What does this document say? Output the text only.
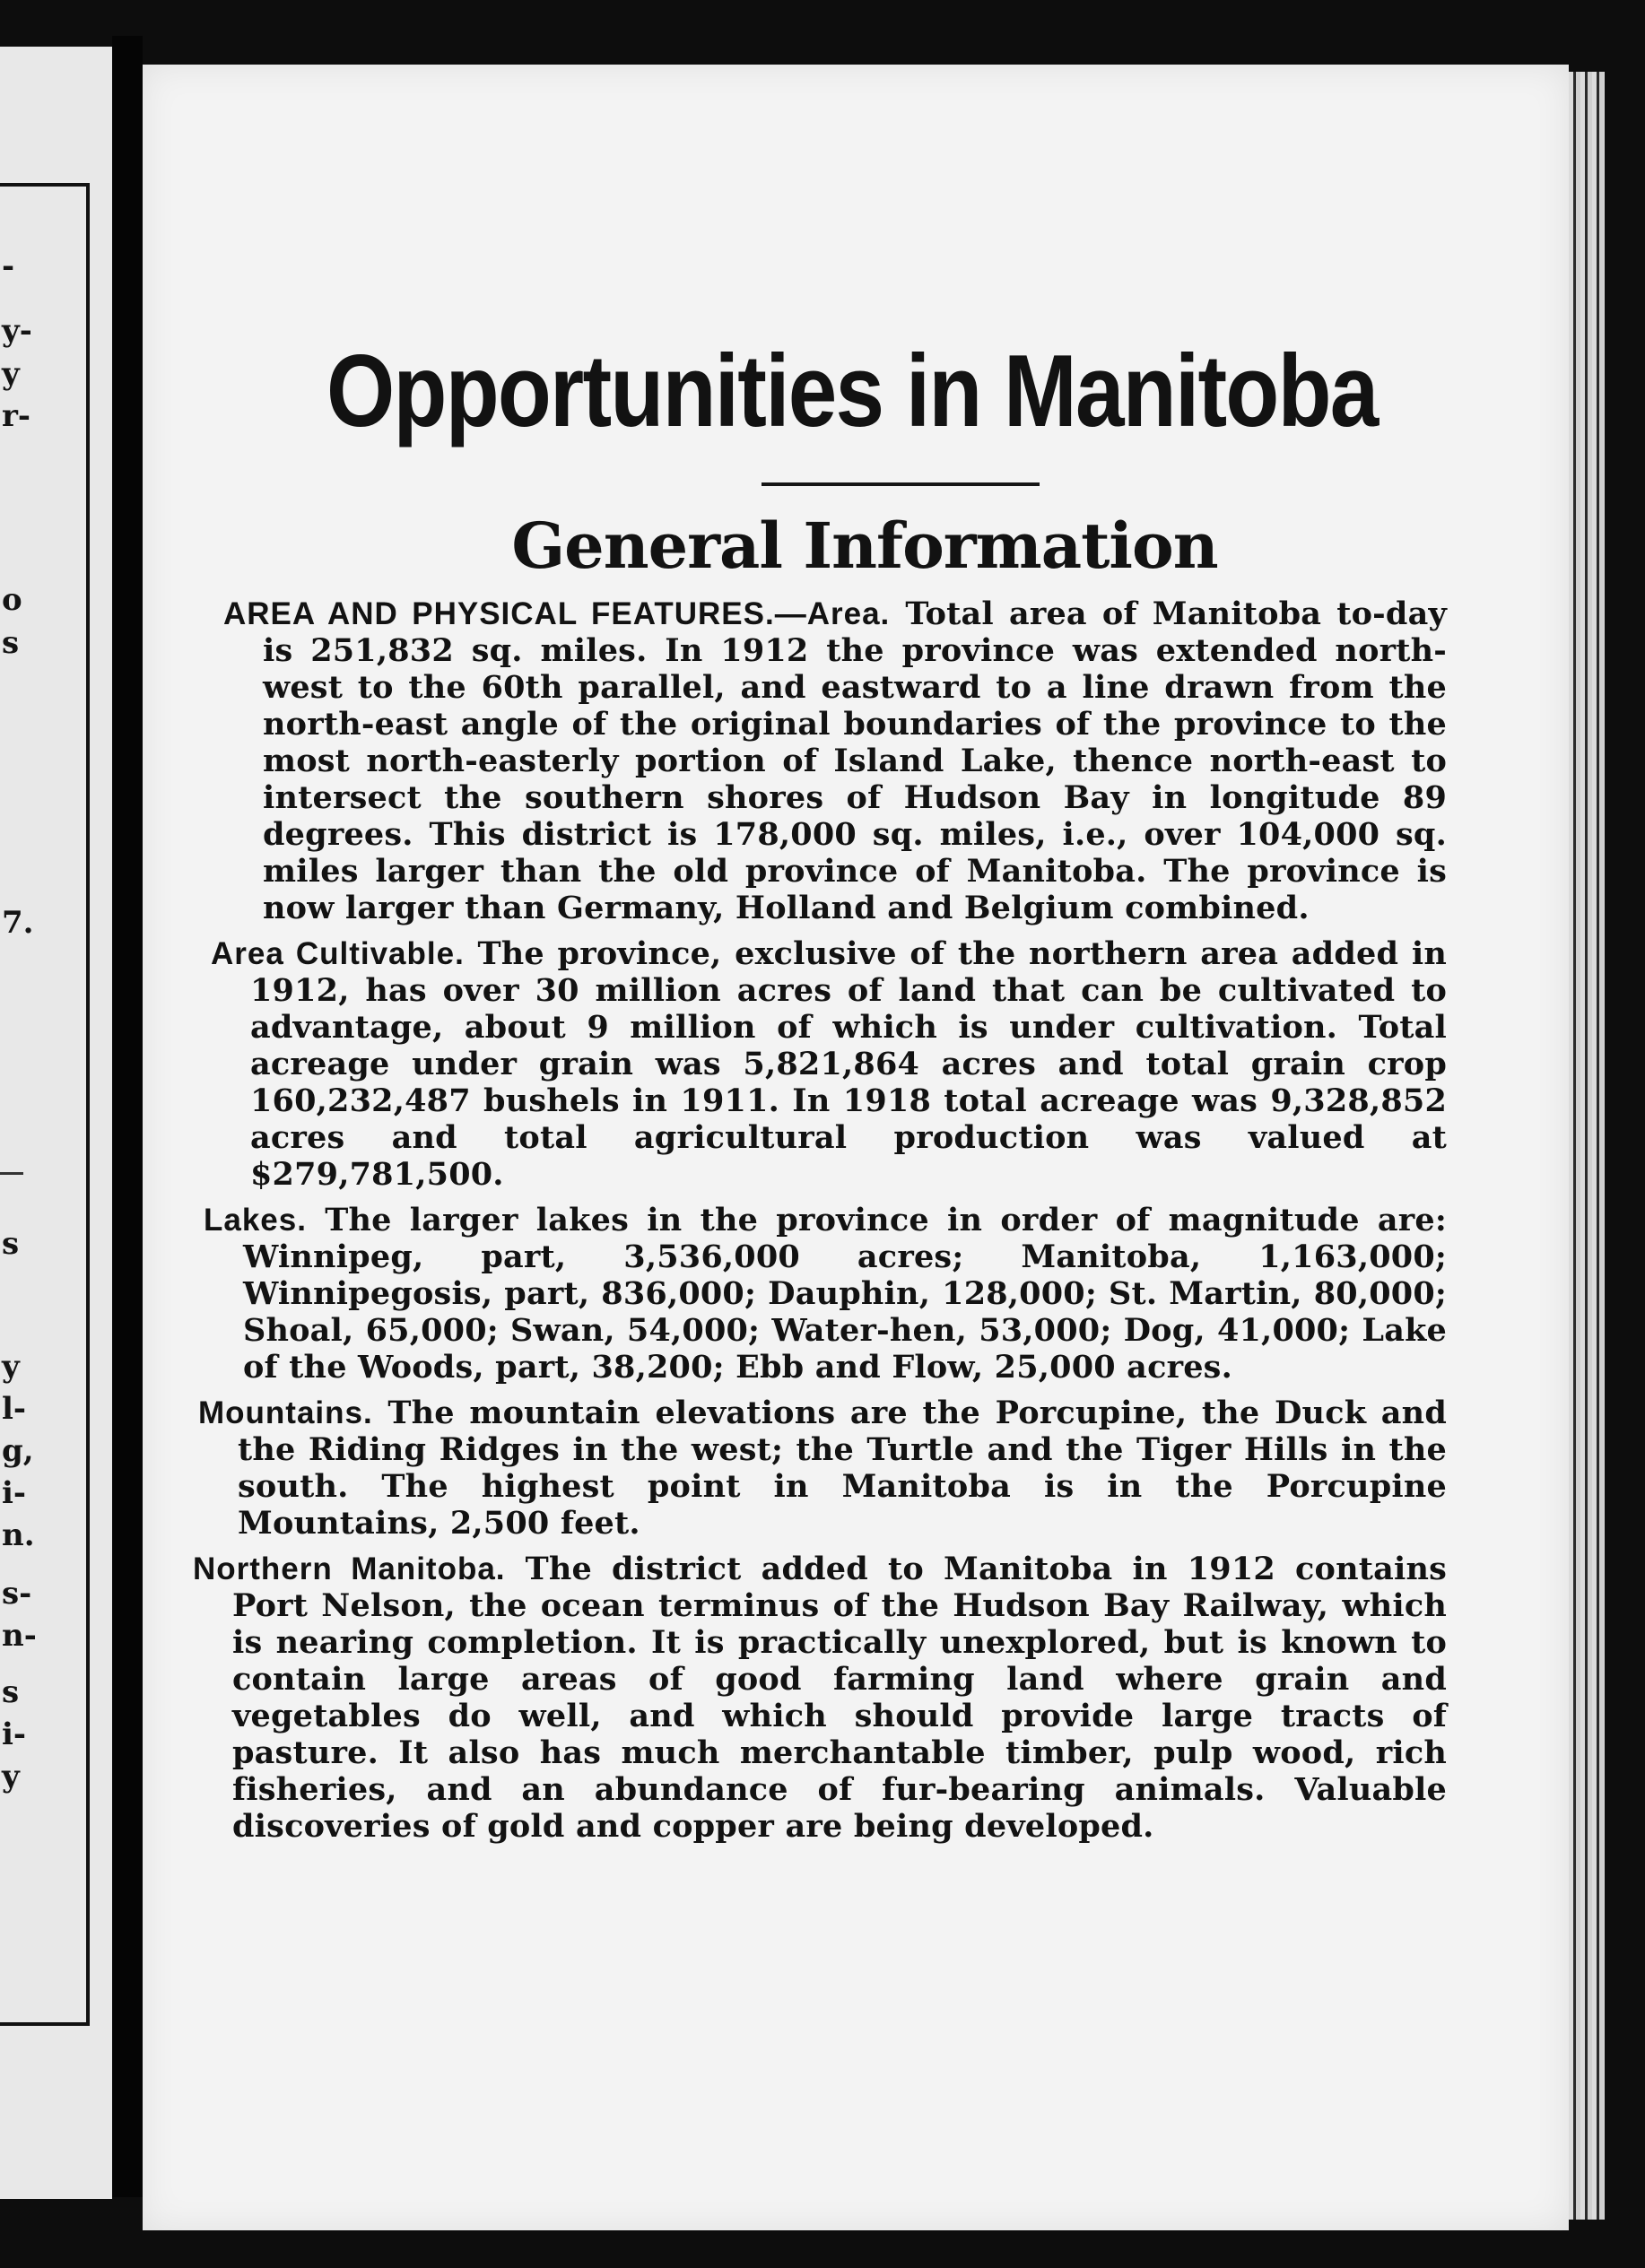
-
y-
y
r-
o
s
7.
s
y
l-
g,
i-
n.
s-
n-
s
i-
y
Opportunities in Manitoba
General Information

AREA AND PHYSICAL FEATURES.—Area. Total area of Manitoba to-day is 251,832 sq. miles. In 1912 the province was extended north-west to the 60th parallel, and eastward to a line drawn from the north-east angle of the original boundaries of the province to the most north-easterly portion of Island Lake, thence north-east to intersect the southern shores of Hudson Bay in longitude 89 degrees. This district is 178,000 sq. miles, i.e., over 104,000 sq. miles larger than the old province of Manitoba. The province is now larger than Germany, Holland and Belgium combined.

Area Cultivable. The province, exclusive of the northern area added in 1912, has over 30 million acres of land that can be cultivated to advantage, about 9 million of which is under cultivation. Total acreage under grain was 5,821,864 acres and total grain crop 160,232,487 bushels in 1911. In 1918 total acreage was 9,328,852 acres and total agricultural production was valued at $279,781,500.

Lakes. The larger lakes in the province in order of magnitude are: Winnipeg, part, 3,536,000 acres; Manitoba, 1,163,000; Winnipegosis, part, 836,000; Dauphin, 128,000; St. Martin, 80,000; Shoal, 65,000; Swan, 54,000; Water-hen, 53,000; Dog, 41,000; Lake of the Woods, part, 38,200; Ebb and Flow, 25,000 acres.

Mountains. The mountain elevations are the Porcupine, the Duck and the Riding Ridges in the west; the Turtle and the Tiger Hills in the south. The highest point in Manitoba is in the Porcupine Mountains, 2,500 feet.

Northern Manitoba. The district added to Manitoba in 1912 contains Port Nelson, the ocean terminus of the Hudson Bay Railway, which is nearing completion. It is practically unexplored, but is known to contain large areas of good farming land where grain and vegetables do well, and which should provide large tracts of pasture. It also has much merchantable timber, pulp wood, rich fisheries, and an abundance of fur-bearing animals. Valuable discoveries of gold and copper are being developed.
